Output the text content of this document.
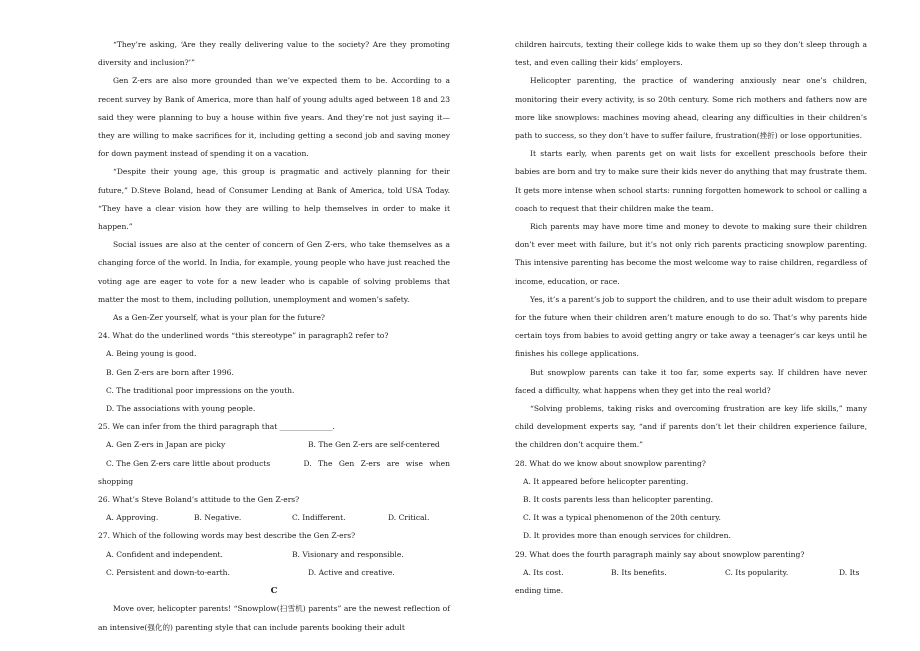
“They’re asking, ‘Are they really delivering value to the society? Are they promoting diversity and inclusion?’”

Gen Z-ers are also more grounded than we’ve expected them to be. According to a recent survey by Bank of America, more than half of young adults aged between 18 and 23 said they were planning to buy a house within five years. And they’re not just saying it—they are willing to make sacrifices for it, including getting a second job and saving money for down payment instead of spending it on a vacation.

“Despite their young age, this group is pragmatic and actively planning for their future,” D.Steve Boland, head of Consumer Lending at Bank of America, told USA Today. “They have a clear vision how they are willing to help themselves in order to make it happen.”

Social issues are also at the center of concern of Gen Z-ers, who take themselves as a changing force of the world. In India, for example, young people who have just reached the voting age are eager to vote for a new leader who is capable of solving problems that matter the most to them, including pollution, unemployment and women’s safety.

As a Gen-Zer yourself, what is your plan for the future?

24. What do the underlined words “this stereotype” in paragraph2 refer to?

A. Being young is good.

B. Gen Z-ers are born after 1996.

C. The traditional poor impressions on the youth.

D. The associations with young people.

25. We can infer from the third paragraph that ______________.

A. Gen Z-ers in Japan are picky	B. The Gen Z-ers are self-centered
C. The Gen Z-ers care little about products	D. The Gen Z-ers are wise when

shopping

26. What’s Steve Boland’s attitude to the Gen Z-ers?

A. Approving.	B. Negative.	C. Indifferent.	D. Critical.

27. Which of the following words may best describe the Gen Z-ers?

A. Confident and independent.	B. Visionary and responsible.
C. Persistent and down-to-earth.	D. Active and creative.

C

Move over, helicopter parents! “Snowplow(扫雪机) parents” are the newest reflection of an intensive(强化的) parenting style that can include parents booking their adult

children haircuts, texting their college kids to wake them up so they don’t sleep through a test, and even calling their kids’ employers.

Helicopter parenting, the practice of wandering anxiously near one’s children, monitoring their every activity, is so 20th century. Some rich mothers and fathers now are more like snowplows: machines moving ahead, clearing any difficulties in their children’s path to success, so they don’t have to suffer failure, frustration(挫折) or lose opportunities.

It starts early, when parents get on wait lists for excellent preschools before their babies are born and try to make sure their kids never do anything that may frustrate them. It gets more intense when school starts: running forgotten homework to school or calling a coach to request that their children make the team.

Rich parents may have more time and money to devote to making sure their children don’t ever meet with failure, but it’s not only rich parents practicing snowplow parenting. This intensive parenting has become the most welcome way to raise children, regardless of income, education, or race.

Yes, it’s a parent’s job to support the children, and to use their adult wisdom to prepare for the future when their children aren’t mature enough to do so. That’s why parents hide certain toys from babies to avoid getting angry or take away a teenager’s car keys until he finishes his college applications.

But snowplow parents can take it too far, some experts say. If children have never faced a difficulty, what happens when they get into the real world?

“Solving problems, taking risks and overcoming frustration are key life skills,” many child development experts say, “and if parents don’t let their children experience failure, the children don’t acquire them.”

28. What do we know about snowplow parenting?

A. It appeared before helicopter parenting.

B. It costs parents less than helicopter parenting.

C. It was a typical phenomenon of the 20th century.

D. It provides more than enough services for children.

29. What does the fourth paragraph mainly say about snowplow parenting?

A. Its cost.	B. Its benefits.	C. Its popularity.	D. Its

ending time.
